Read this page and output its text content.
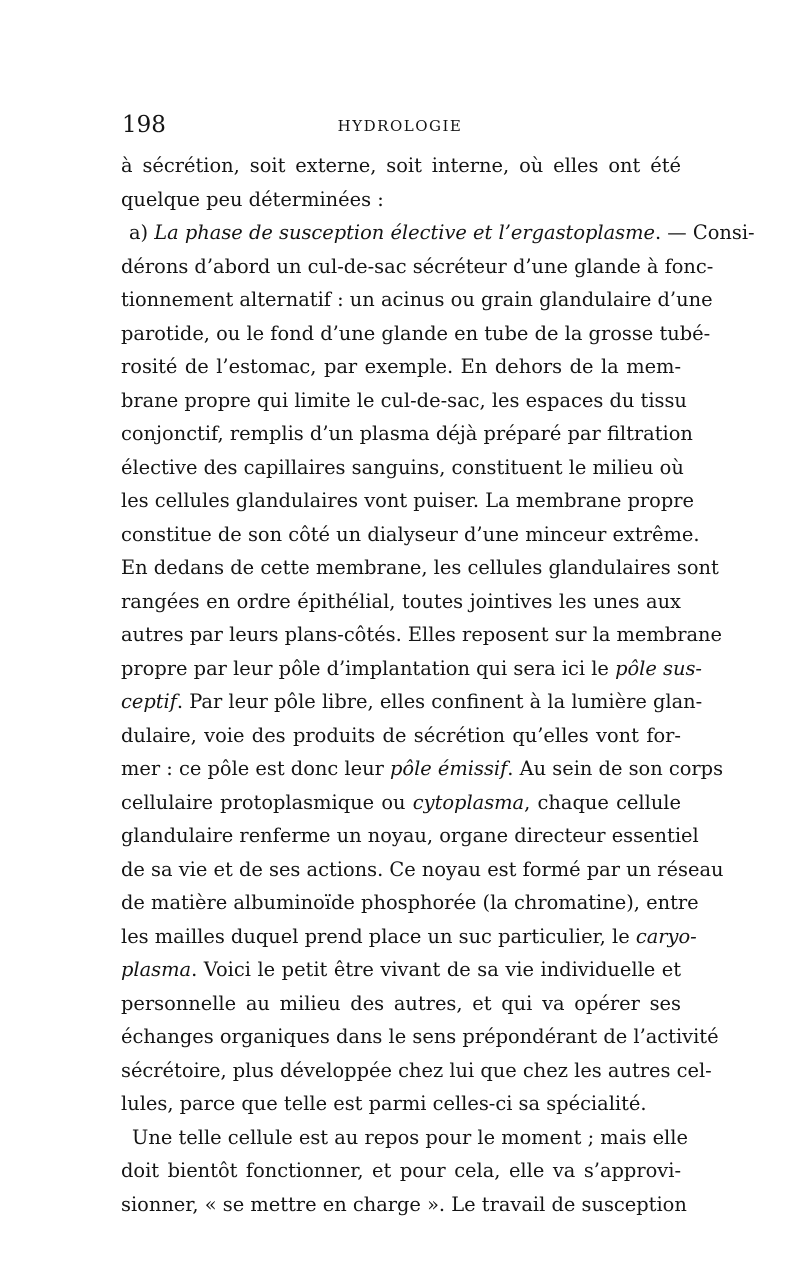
198	HYDROLOGIE
à sécrétion, soit externe, soit interne, où elles ont été
quelque peu déterminées :
a) La phase de susception élective et l’ergastoplasme. — Consi-
dérons d’abord un cul-de-sac sécréteur d’une glande à fonc-
tionnement alternatif : un acinus ou grain glandulaire d’une
parotide, ou le fond d’une glande en tube de la grosse tubé-
rosité de l’estomac, par exemple. En dehors de la mem-
brane propre qui limite le cul-de-sac, les espaces du tissu
conjonctif, remplis d’un plasma déjà préparé par filtration
élective des capillaires sanguins, constituent le milieu où
les cellules glandulaires vont puiser. La membrane propre
constitue de son côté un dialyseur d’une minceur extrême.
En dedans de cette membrane, les cellules glandulaires sont
rangées en ordre épithélial, toutes jointives les unes aux
autres par leurs plans-côtés. Elles reposent sur la membrane
propre par leur pôle d’implantation qui sera ici le pôle sus-
ceptif. Par leur pôle libre, elles confinent à la lumière glan-
dulaire, voie des produits de sécrétion qu’elles vont for-
mer : ce pôle est donc leur pôle émissif. Au sein de son corps
cellulaire protoplasmique ou cytoplasma, chaque cellule
glandulaire renferme un noyau, organe directeur essentiel
de sa vie et de ses actions. Ce noyau est formé par un réseau
de matière albuminoïde phosphorée (la chromatine), entre
les mailles duquel prend place un suc particulier, le caryo-
plasma. Voici le petit être vivant de sa vie individuelle et
personnelle au milieu des autres, et qui va opérer ses
échanges organiques dans le sens prépondérant de l’activité
sécrétoire, plus développée chez lui que chez les autres cel-
lules, parce que telle est parmi celles-ci sa spécialité.
Une telle cellule est au repos pour le moment ; mais elle
doit bientôt fonctionner, et pour cela, elle va s’approvi-
sionner, « se mettre en charge ». Le travail de susception
